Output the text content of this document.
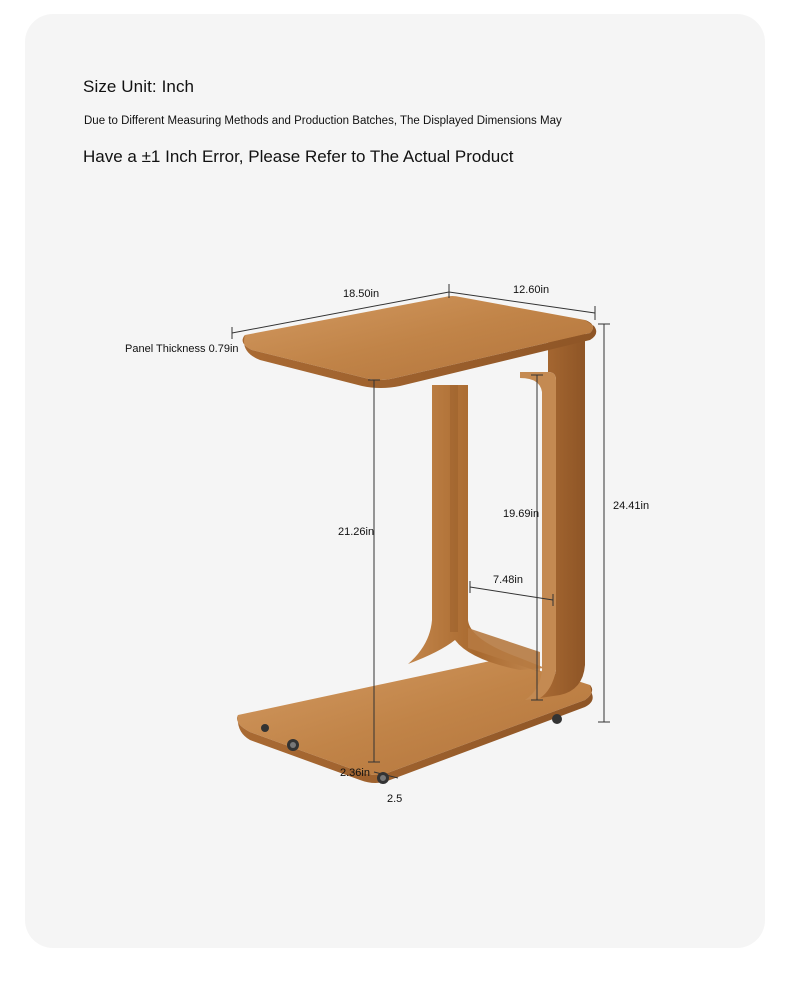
Size Unit: Inch
Due to Different Measuring Methods and Production Batches, The Displayed Dimensions May
Have a ±1 Inch Error, Please Refer to The Actual Product
18.50in	12.60in
Panel Thickness 0.79in
24.41in
21.26in
19.69in
7.48in
2.36in
2.5
